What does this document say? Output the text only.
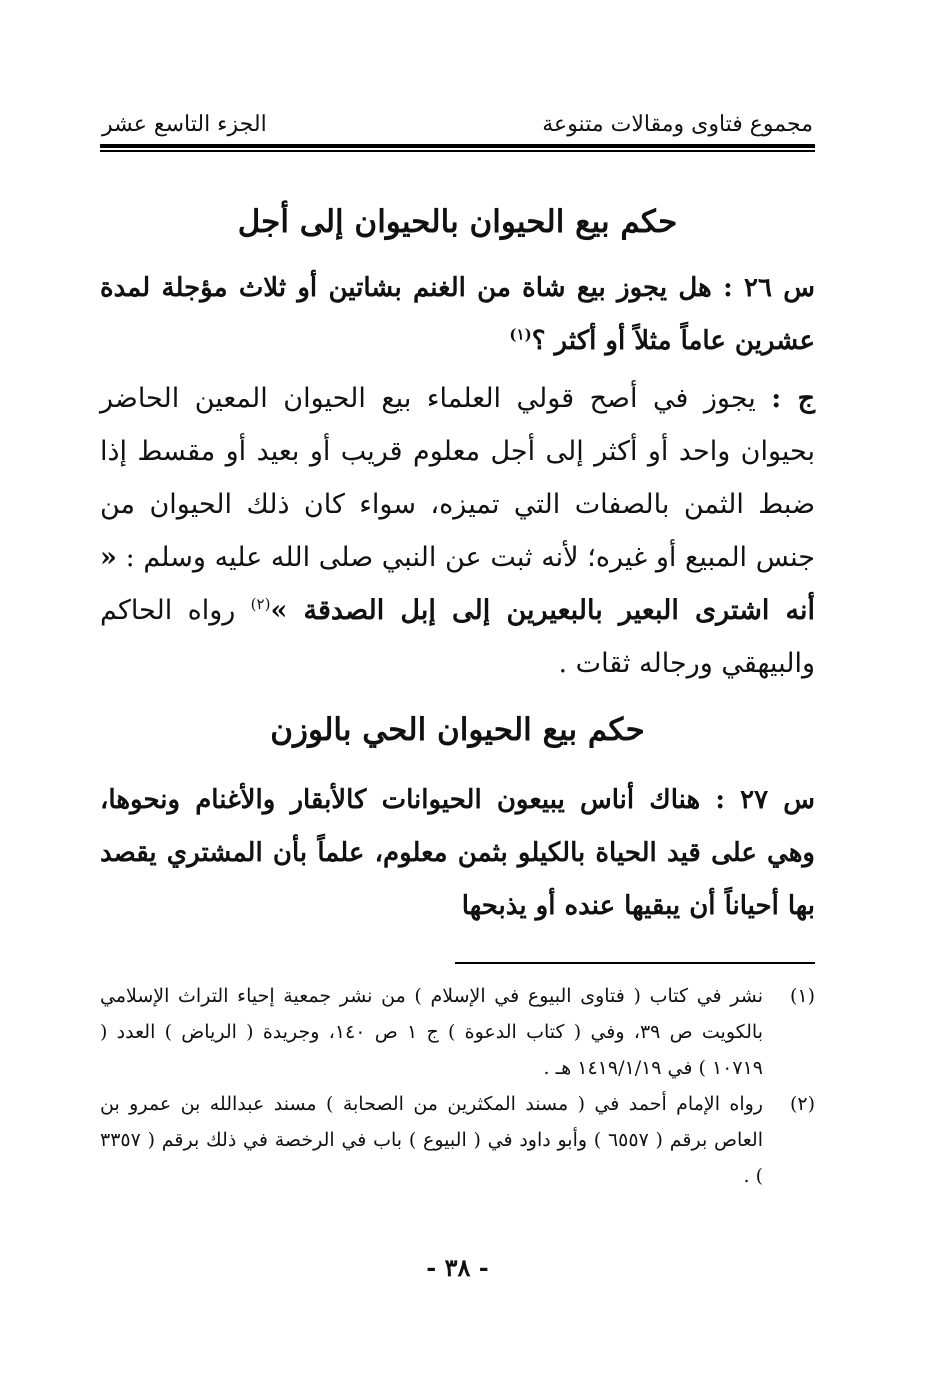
مجموع فتاوى ومقالات متنوعة
الجزء التاسع عشر
حكم بيع الحيوان بالحيوان إلى أجل
س ٢٦ : هل يجوز بيع شاة من الغنم بشاتين أو ثلاث مؤجلة لمدة عشرين عاماً مثلاً أو أكثر ؟$^{(١)}$
ج : يجوز في أصح قولي العلماء بيع الحيوان المعين الحاضر بحيوان واحد أو أكثر إلى أجل معلوم قريب أو بعيد أو مقسط إذا ضبط الثمن بالصفات التي تميزه، سواء كان ذلك الحيوان من جنس المبيع أو غيره؛ لأنه ثبت عن النبي صلى الله عليه وسلم : « أنه اشترى البعير بالبعيرين إلى إبل الصدقة »$^{(٢)}$ رواه الحاكم والبيهقي ورجاله ثقات .
حكم بيع الحيوان الحي بالوزن
س ٢٧ : هناك أناس يبيعون الحيوانات كالأبقار والأغنام ونحوها، وهي على قيد الحياة بالكيلو بثمن معلوم، علماً بأن المشتري يقصد بها أحياناً أن يبقيها عنده أو يذبحها
(١)
نشر في كتاب ( فتاوى البيوع في الإسلام ) من نشر جمعية إحياء التراث الإسلامي بالكويت ص ٣٩، وفي ( كتاب الدعوة ) ج ١ ص ١٤٠، وجريدة ( الرياض ) العدد ( ١٠٧١٩ ) في ١٤١٩/١/١٩ هـ .
(٢)
رواه الإمام أحمد في ( مسند المكثرين من الصحابة ) مسند عبدالله بن عمرو بن العاص برقم ( ٦٥٥٧ ) وأبو داود في ( البيوع ) باب في الرخصة في ذلك برقم ( ٣٣٥٧ ) .
- ٣٨ -
